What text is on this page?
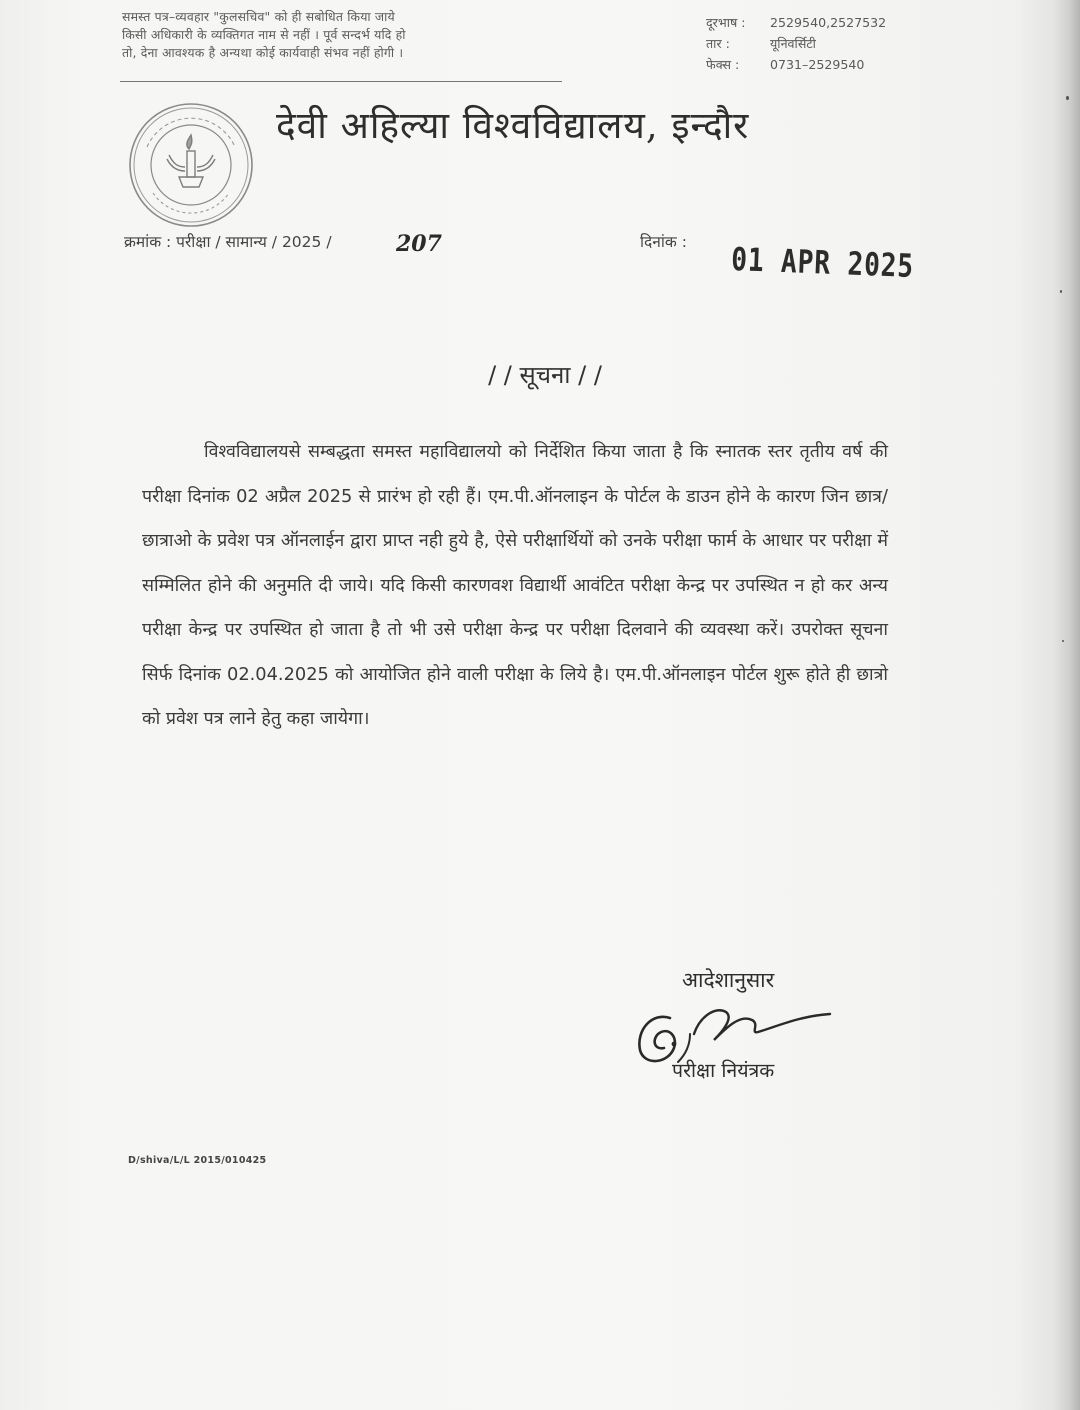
समस्त पत्र–व्यवहार "कुलसचिव" को ही सबोधित किया जाये
किसी अधिकारी के व्यक्तिगत नाम से नहीं । पूर्व सन्दर्भ यदि हो
तो, देना आवश्यक है अन्यथा कोई कार्यवाही संभव नहीं होगी ।
दूरभाष : 2529540,2527532
तार :	यूनिवर्सिटी
फेक्स : 0731–2529540
देवी अहिल्या विश्वविद्यालय, इन्दौर
क्रमांक : परीक्षा / सामान्य / 2025 /	207	दिनांक : 01 APR 2025
/ / सूचना / /

विश्वविद्यालयसे सम्बद्धता समस्त महाविद्यालयो को निर्देशित किया जाता है कि स्नातक स्तर तृतीय वर्ष की परीक्षा दिनांक 02 अप्रैल 2025 से प्रारंभ हो रही हैं। एम.पी.ऑनलाइन के पोर्टल के डाउन होने के कारण जिन छात्र/छात्राओ के प्रवेश पत्र ऑनलाईन द्वारा प्राप्त नही हुये है, ऐसे परीक्षार्थियों को उनके परीक्षा फार्म के आधार पर परीक्षा में सम्मिलित होने की अनुमति दी जाये। यदि किसी कारणवश विद्यार्थी आवंटित परीक्षा केन्द्र पर उपस्थित न हो कर अन्य परीक्षा केन्द्र पर उपस्थित हो जाता है तो भी उसे परीक्षा केन्द्र पर परीक्षा दिलवाने की व्यवस्था करें। उपरोक्त सूचना सिर्फ दिनांक 02.04.2025 को आयोजित होने वाली परीक्षा के लिये है। एम.पी.ऑनलाइन पोर्टल शुरू होते ही छात्रो को प्रवेश पत्र लाने हेतु कहा जायेगा।

आदेशानुसार
परीक्षा नियंत्रक
D/shiva/L/L 2015/010425
